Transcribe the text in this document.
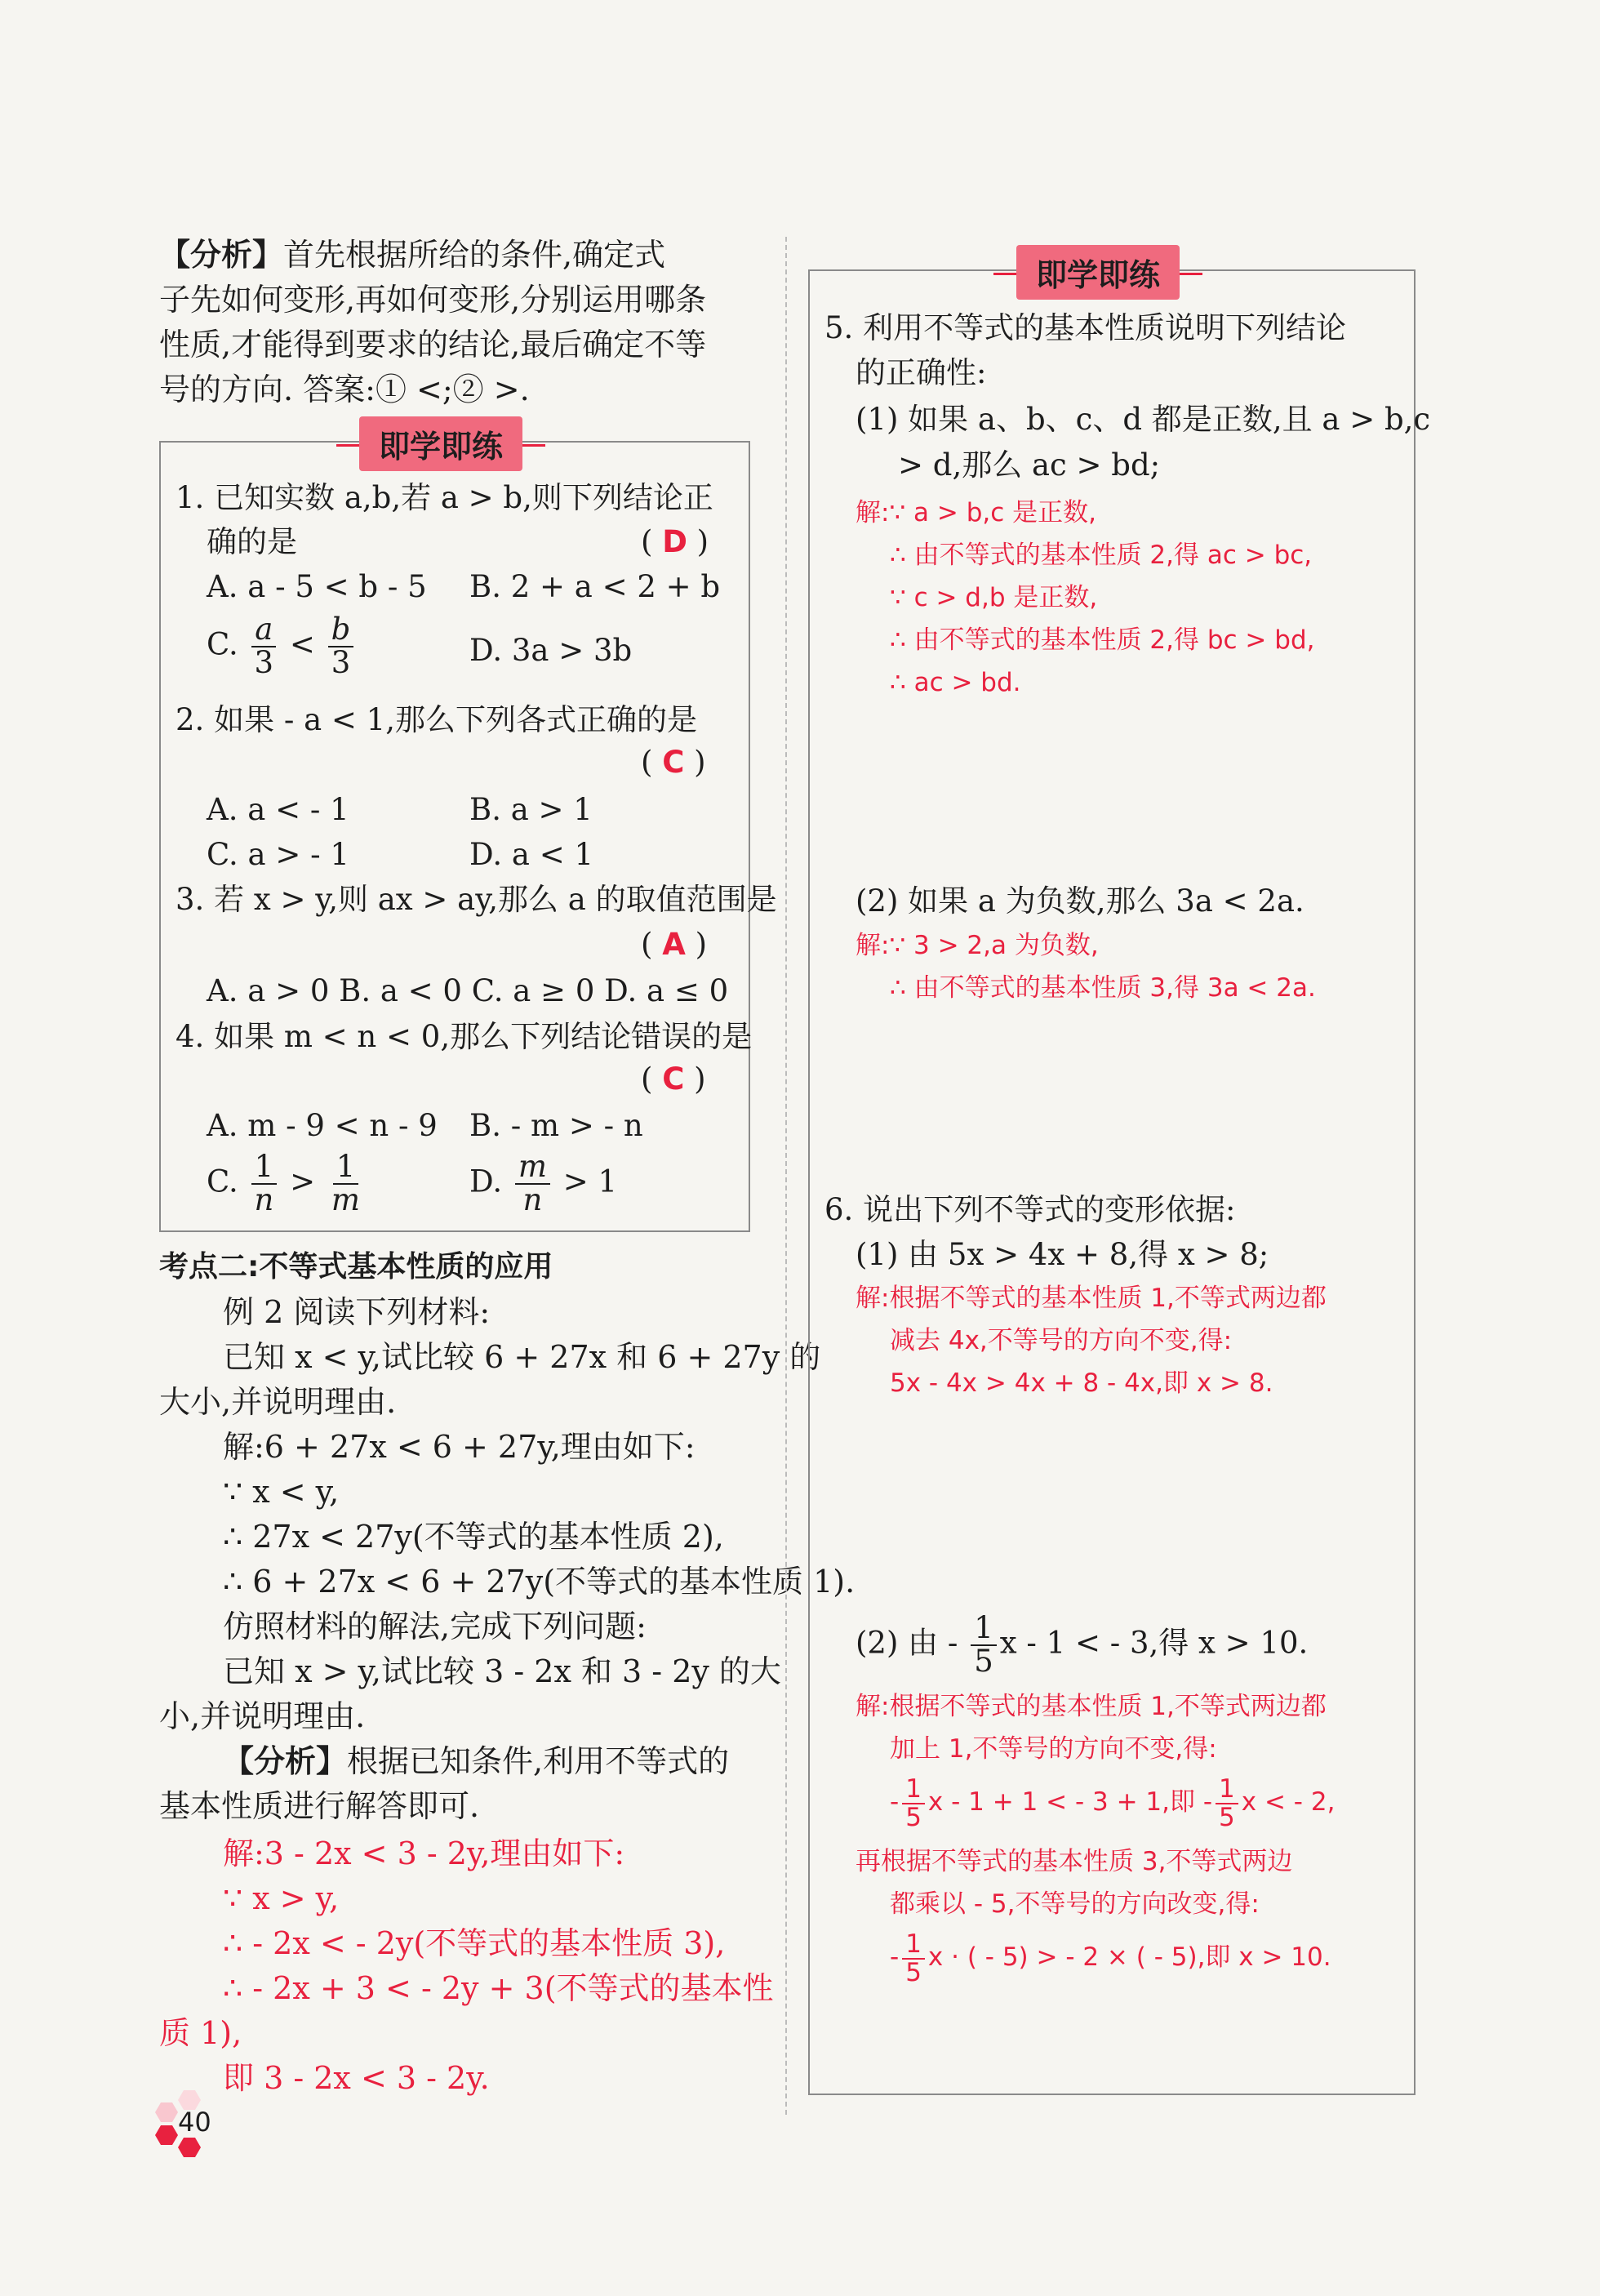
【分析】首先根据所给的条件,确定式
子先如何变形,再如何变形,分别运用哪条
性质,才能得到要求的结论,最后确定不等
号的方向. 答案:① <;② >.
即学即练
1. 已知实数 a,b,若 a > b,则下列结论正
确的是	( D )
A. a - 5 < b - 5 B. 2 + a < 2 + b
C. $\frac{a}{3} < \frac{b}{3}$	D. 3a > 3b
2. 如果 - a < 1,那么下列各式正确的是
( C )
A. a < - 1	B. a > 1
C. a > - 1	D. a < 1
3. 若 x > y,则 ax > ay,那么 a 的取值范围是
( A )
A. a > 0 B. a < 0 C. a ≥ 0 D. a ≤ 0
4. 如果 m < n < 0,那么下列结论错误的是
( C )
A. m - 9 < n - 9 B. - m > - n
C. $\frac{1}{n} > \frac{1}{m}$	D. $\frac{m}{n} > 1$
考点二:不等式基本性质的应用
例 2 阅读下列材料:
已知 x < y,试比较 6 + 27x 和 6 + 27y 的
大小,并说明理由.
解:6 + 27x < 6 + 27y,理由如下:
∵ x < y,
∴ 27x < 27y(不等式的基本性质 2),
∴ 6 + 27x < 6 + 27y(不等式的基本性质 1).
仿照材料的解法,完成下列问题:
已知 x > y,试比较 3 - 2x 和 3 - 2y 的大
小,并说明理由.
【分析】根据已知条件,利用不等式的
基本性质进行解答即可.
解:3 - 2x < 3 - 2y,理由如下:
∵ x > y,
∴ - 2x < - 2y(不等式的基本性质 3),
∴ - 2x + 3 < - 2y + 3(不等式的基本性
质 1),
即 3 - 2x < 3 - 2y.
40
即学即练
5. 利用不等式的基本性质说明下列结论
的正确性:
(1) 如果 a、b、c、d 都是正数,且 a > b,c
> d,那么 ac > bd;
解:∵ a > b,c 是正数,
∴ 由不等式的基本性质 2,得 ac > bc,
∵ c > d,b 是正数,
∴ 由不等式的基本性质 2,得 bc > bd,
∴ ac > bd.
(2) 如果 a 为负数,那么 3a < 2a.
解:∵ 3 > 2,a 为负数,
∴ 由不等式的基本性质 3,得 3a < 2a.
6. 说出下列不等式的变形依据:
(1) 由 5x > 4x + 8,得 x > 8;
解:根据不等式的基本性质 1,不等式两边都
减去 4x,不等号的方向不变,得:
5x - 4x > 4x + 8 - 4x,即 x > 8.
(2) 由 - $\frac{1}{5}$ x - 1 < - 3,得 x > 10.
解:根据不等式的基本性质 1,不等式两边都
加上 1,不等号的方向不变,得:
- $\frac{1}{5}$ x - 1 + 1 < - 3 + 1,即 - $\frac{1}{5}$ x < - 2,
再根据不等式的基本性质 3,不等式两边
都乘以 - 5,不等号的方向改变,得:
- $\frac{1}{5}$ x · ( - 5) > - 2 × ( - 5),即 x > 10.
